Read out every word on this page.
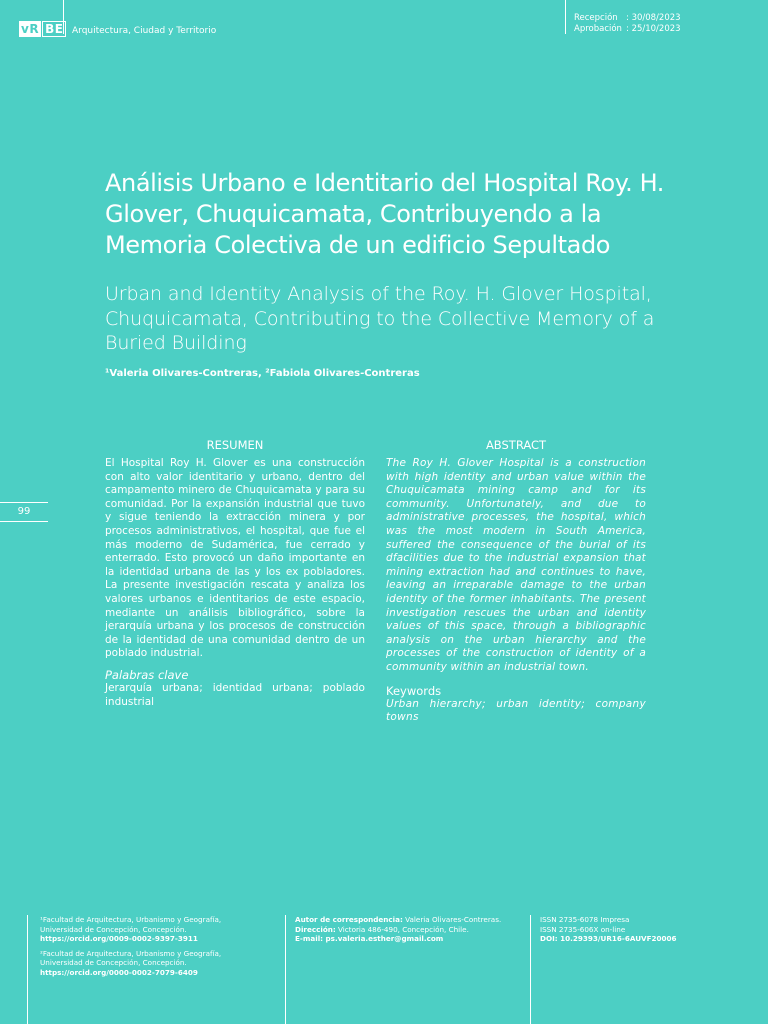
vR BE Arquitectura, Ciudad y Territorio
Recepción : 30/08/2023
Aprobación : 25/10/2023
Análisis Urbano e Identitario del Hospital Roy. H. Glover, Chuquicamata, Contribuyendo a la Memoria Colectiva de un edificio Sepultado
Urban and Identity Analysis of the Roy. H. Glover Hospital, Chuquicamata, Contributing to the Collective Memory of a Buried Building
¹Valeria Olivares-Contreras, ²Fabiola Olivares-Contreras
99
RESUMEN

El Hospital Roy H. Glover es una construcción con alto valor identitario y urbano, dentro del campamento minero de Chuquicamata y para su comunidad. Por la expansión industrial que tuvo y sigue teniendo la extracción minera y por procesos administrativos, el hospital, que fue el más moderno de Sudamérica, fue cerrado y enterrado. Esto provocó un daño importante en la identidad urbana de las y los ex pobladores. La presente investigación rescata y analiza los valores urbanos e identitarios de este espacio, mediante un análisis bibliográfico, sobre la jerarquía urbana y los procesos de construcción de la identidad de una comunidad dentro de un poblado industrial.

Palabras clave

Jerarquía urbana; identidad urbana; poblado industrial

ABSTRACT

The Roy H. Glover Hospital is a construction with high identity and urban value within the Chuquicamata mining camp and for its community. Unfortunately, and due to administrative processes, the hospital, which was the most modern in South America, suffered the consequence of the burial of its dfacilities due to the industrial expansion that mining extraction had and continues to have, leaving an irreparable damage to the urban identity of the former inhabitants. The present investigation rescues the urban and identity values of this space, through a bibliographic analysis on the urban hierarchy and the processes of the construction of identity of a community within an industrial town.

Keywords

Urban hierarchy; urban identity; company towns

¹Facultad de Arquitectura, Urbanismo y Geografía,
Universidad de Concepción, Concepción.
https://orcid.org/0009-0002-9397-3911
²Facultad de Arquitectura, Urbanismo y Geografía,
Universidad de Concepción, Concepción.
https://orcid.org/0000-0002-7079-6409
Autor de correspondencia: Valeria Olivares-Contreras.
Dirección: Victoria 486-490, Concepción, Chile.
E-mail: ps.valeria.esther@gmail.com
ISSN 2735-6078 Impresa
ISSN 2735-606X on-line
DOI: 10.29393/UR16-6AUVF20006
